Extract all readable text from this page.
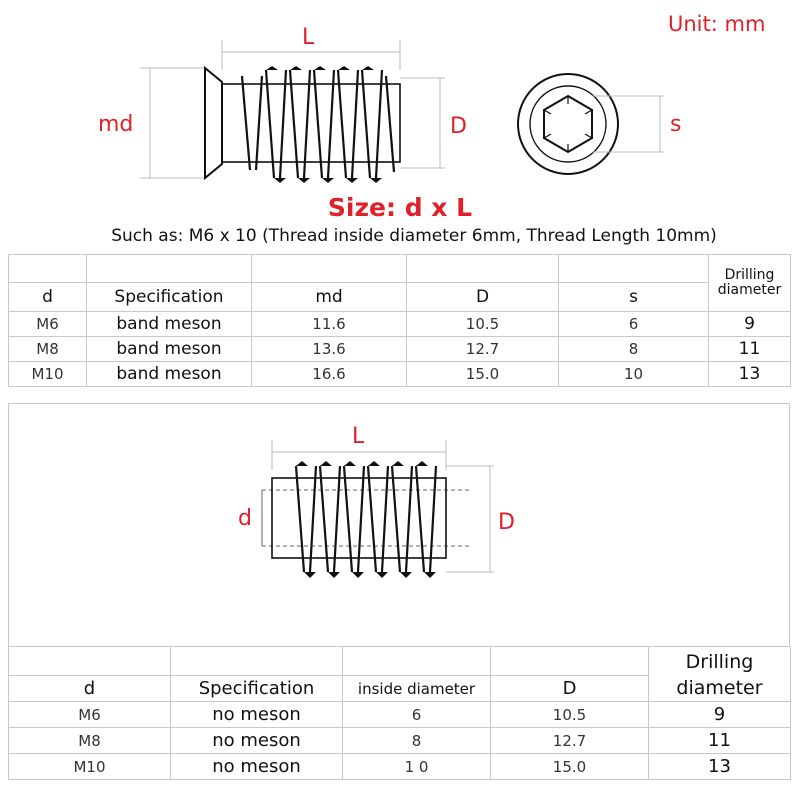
Unit: mm
L
md	D	s
Size: d x L
Such as: M6 x 10 (Thread inside diameter 6mm, Thread Length 10mm)
					Drilling diameter
d	Specification	md	D	s	
M6	band meson	11.6	10.5	6	9
M8	band meson	13.6	12.7	8	11
M10	band meson	16.6	15.0	10	13
L
d	D
				Drilling diameter
d	Specification	inside diameter	D	
M6	no meson	6	10.5	9
M8	no meson	8	12.7	11
M10	no meson	1 0	15.0	13
